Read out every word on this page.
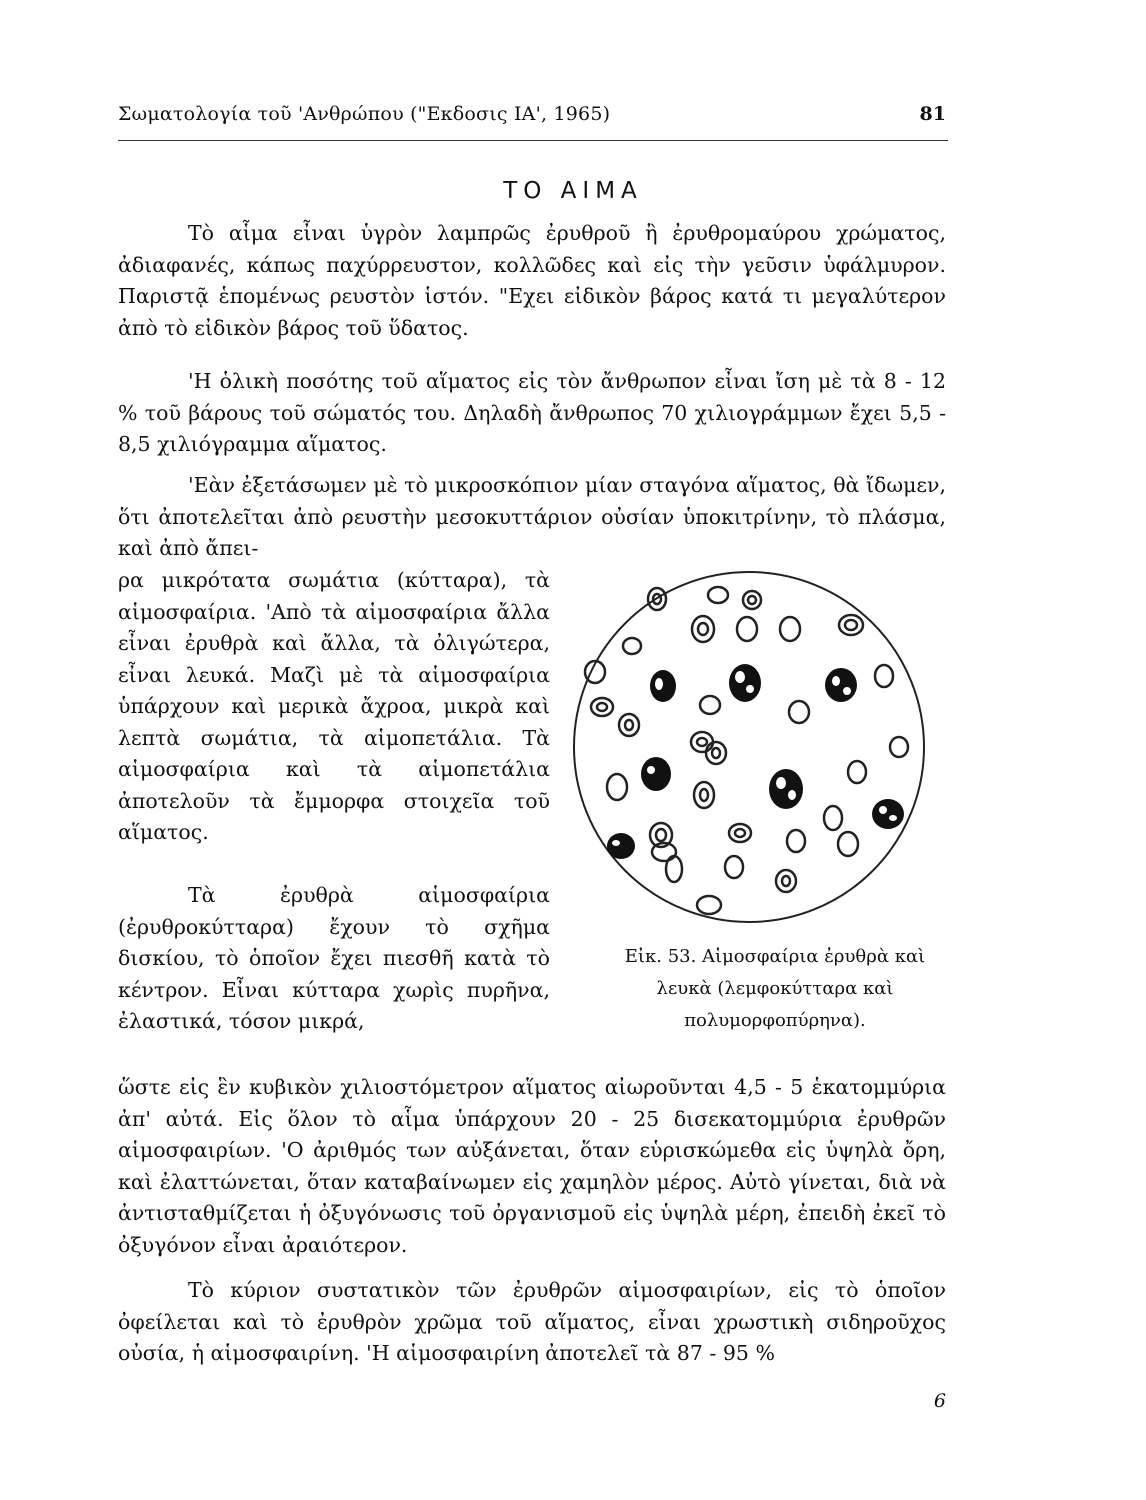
Σωματολογία τοῦ 'Ανθρώπου ("Εκδοσις ΙΑ', 1965)	81
ΤΟ ΑΙΜΑ
Τὸ αἷμα εἶναι ὑγρὸν λαμπρῶς ἐρυθροῦ ἢ ἐρυθρομαύρου χρώματος, ἀδιαφανές, κάπως παχύρρευστον, κολλῶδες καὶ εἰς τὴν γεῦσιν ὑφάλμυρον. Παριστᾷ ἑπομένως ρευστὸν ἱστόν. "Εχει εἰδικὸν βάρος κατά τι μεγαλύτερον ἀπὸ τὸ εἰδικὸν βάρος τοῦ ὕδατος.
'Η ὁλικὴ ποσότης τοῦ αἵματος εἰς τὸν ἄνθρωπον εἶναι ἴση μὲ τὰ 8 - 12 % τοῦ βάρους τοῦ σώματός του. Δηλαδὴ ἄνθρωπος 70 χιλιογράμμων ἔχει 5,5 - 8,5 χιλιόγραμμα αἵματος.
'Εὰν ἐξετάσωμεν μὲ τὸ μικροσκόπιον μίαν σταγόνα αἵματος, θὰ ἴδωμεν, ὅτι ἀποτελεῖται ἀπὸ ρευστὴν μεσοκυττάριον οὐσίαν ὑποκιτρίνην, τὸ πλάσμα, καὶ ἀπὸ ἄπει-
ρα μικρότατα σωμάτια (κύτταρα), τὰ αἱμοσφαίρια. 'Απὸ τὰ αἱμοσφαίρια ἄλλα εἶναι ἐρυθρὰ καὶ ἄλλα, τὰ ὀλιγώτερα, εἶναι λευκά. Μαζὶ μὲ τὰ αἱμοσφαίρια ὑπάρχουν καὶ μερικὰ ἄχροα, μικρὰ καὶ λεπτὰ σωμάτια, τὰ αἱμοπετάλια. Τὰ αἱμοσφαίρια καὶ τὰ αἱμοπετάλια ἀποτελοῦν τὰ ἔμμορφα στοιχεῖα τοῦ αἵματος.
Τὰ ἐρυθρὰ αἱμοσφαίρια (ἐρυθροκύτταρα) ἔχουν τὸ σχῆμα δισκίου, τὸ ὁποῖον ἔχει πιεσθῆ κατὰ τὸ κέντρον. Εἶναι κύτταρα χωρὶς πυρῆνα, ἐλαστικά, τόσον μικρά,
ὥστε εἰς ἓν κυβικὸν χιλιοστόμετρον αἵματος αἰωροῦνται 4,5 - 5 ἑκατομμύρια ἀπ' αὐτά. Εἰς ὅλον τὸ αἷμα ὑπάρχουν 20 - 25 δισεκατομμύρια ἐρυθρῶν αἱμοσφαιρίων. 'Ο ἀριθμός των αὐξάνεται, ὅταν εὑρισκώμεθα εἰς ὑψηλὰ ὄρη, καὶ ἐλαττώνεται, ὅταν καταβαίνωμεν εἰς χαμηλὸν μέρος. Αὐτὸ γίνεται, διὰ νὰ ἀντισταθμίζεται ἡ ὀξυγόνωσις τοῦ ὀργανισμοῦ εἰς ὑψηλὰ μέρη, ἐπειδὴ ἐκεῖ τὸ ὀξυγόνον εἶναι ἀραιότερον.
Τὸ κύριον συστατικὸν τῶν ἐρυθρῶν αἱμοσφαιρίων, εἰς τὸ ὁποῖον ὀφείλεται καὶ τὸ ἐρυθρὸν χρῶμα τοῦ αἵματος, εἶναι χρωστικὴ σιδηροῦχος οὐσία, ἡ αἱμοσφαιρίνη. 'Η αἱμοσφαιρίνη ἀποτελεῖ τὰ 87 - 95 %
Εἰκ. 53. Αἱμοσφαίρια ἐρυθρὰ καὶ λευκὰ (λεμφοκύτταρα καὶ πολυμορφοπύρηνα).
6
